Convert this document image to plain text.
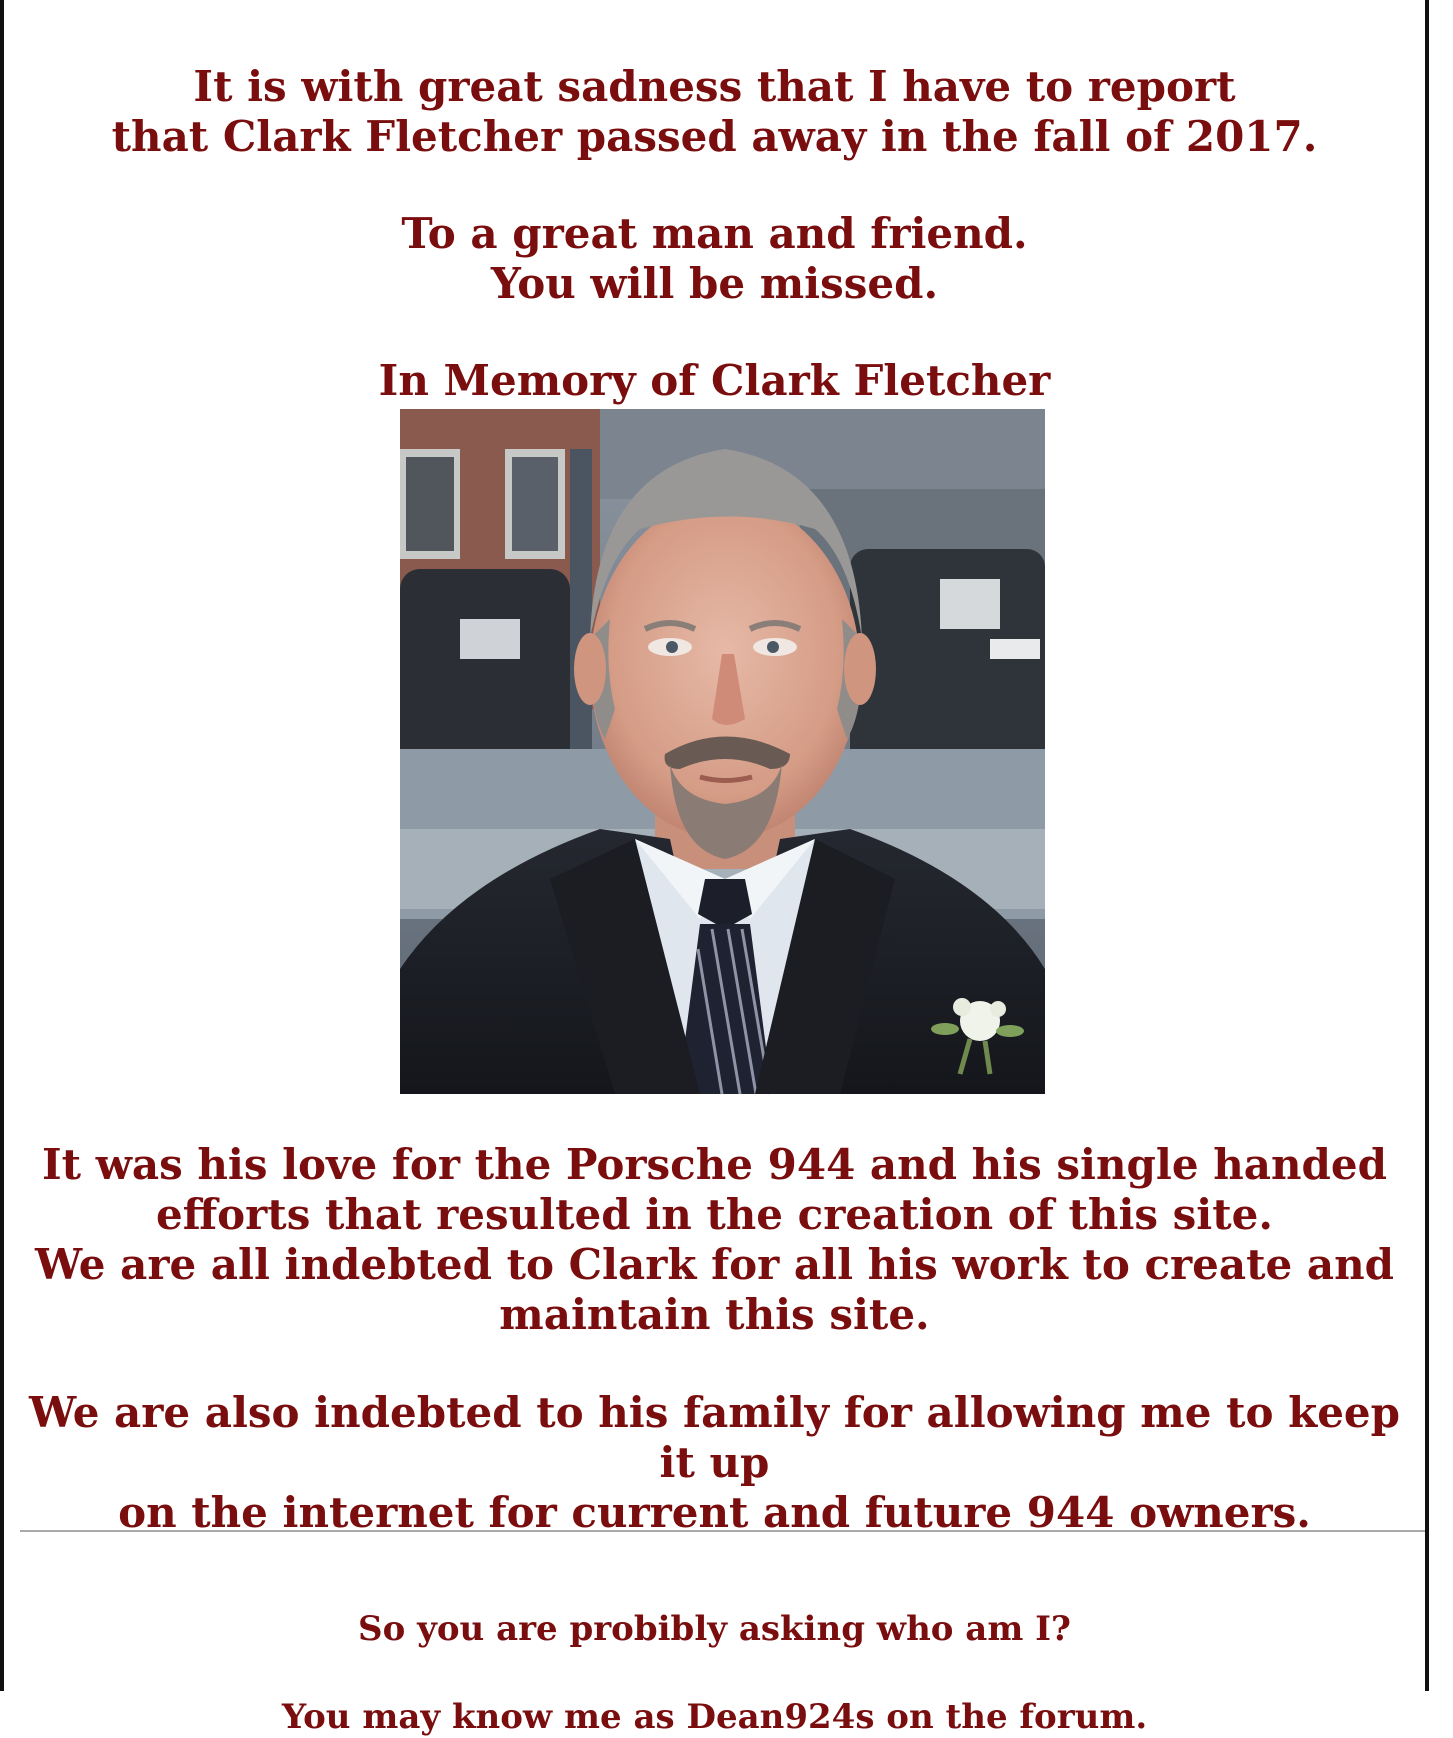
It is with great sadness that I have to report
that Clark Fletcher passed away in the fall of 2017.

To a great man and friend.
You will be missed.

In Memory of Clark Fletcher

It was his love for the Porsche 944 and his single handed
efforts that resulted in the creation of this site.
We are all indebted to Clark for all his work to create and
maintain this site.

We are also indebted to his family for allowing me to keep it up
on the internet for current and future 944 owners.

So you are probibly asking who am I?

You may know me as Dean924s on the forum.
